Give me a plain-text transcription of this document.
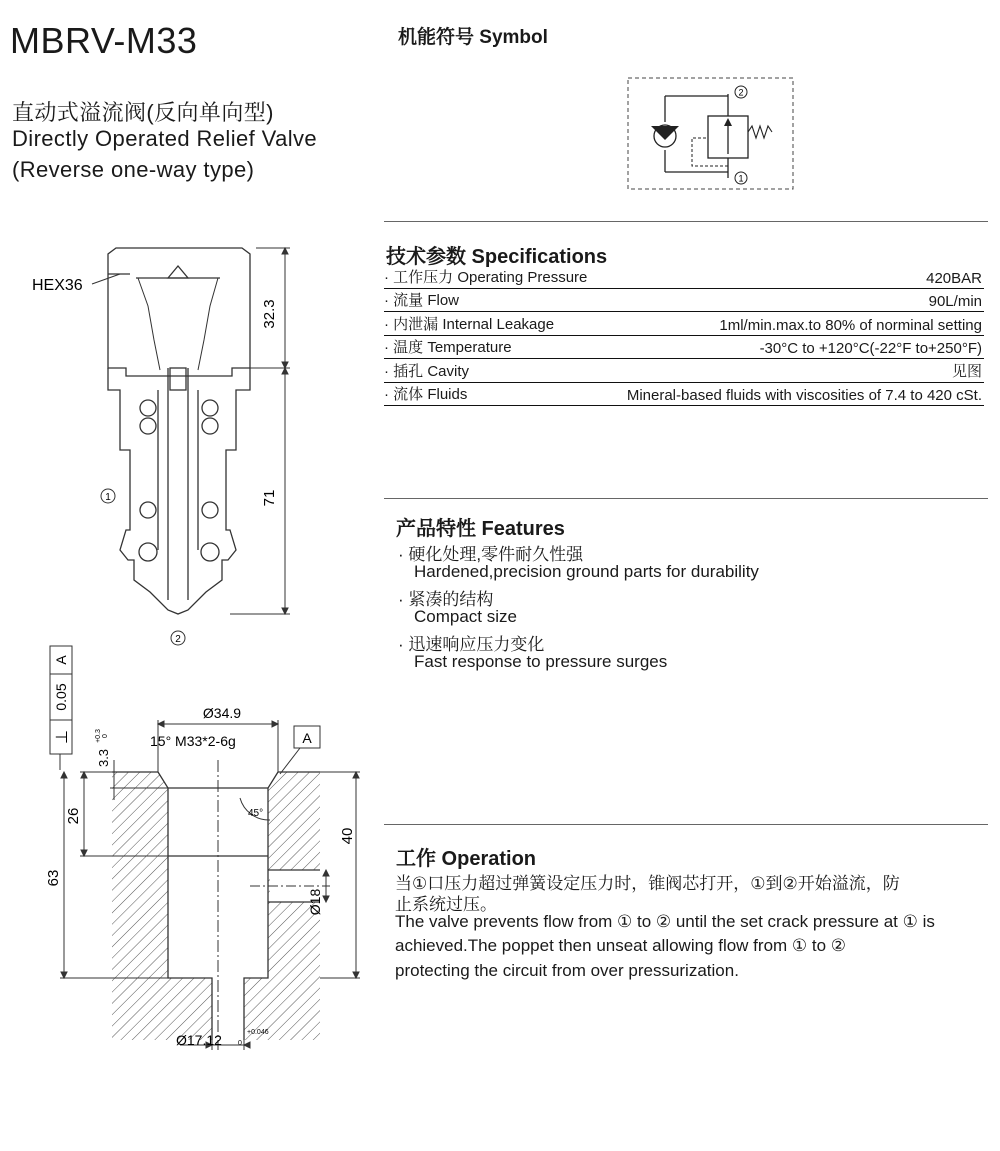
MBRV-M33
直动式溢流阀(反向单向型)
Directly Operated Relief Valve
(Reverse one-way type)
机能符号 Symbol
2
1
技术参数 Specifications
· 工作压力 Operating Pressure	420BAR
· 流量 Flow	90L/min
· 内泄漏 Internal Leakage	1ml/min.max.to 80% of norminal setting
· 温度 Temperature	-30°C to +120°C(-22°F to+250°F)
· 插孔 Cavity	见图
· 流体 Fluids	Mineral-based fluids with viscosities of 7.4 to 420 cSt.
产品特性 Features
· 硬化处理,零件耐久性强
Hardened,precision ground parts for durability
· 紧凑的结构
Compact size
· 迅速响应压力变化
Fast response to pressure surges
工作 Operation
当①口压力超过弹簧设定压力时，锥阀芯打开，①到②开始溢流，防
止系统过压。
The valve prevents flow from ① to ② until the set crack pressure at ① is
achieved.The poppet then unseat allowing flow from ① to ②
protecting the circuit from over pressurization.
HEX36
32.3
71
1
2
A
0.05
⊥	A
Ø34.9
15° M33*2-6g
3.3
+0.3 0
45°
26
63
40
Ø18
Ø17.12	+0.046
0
